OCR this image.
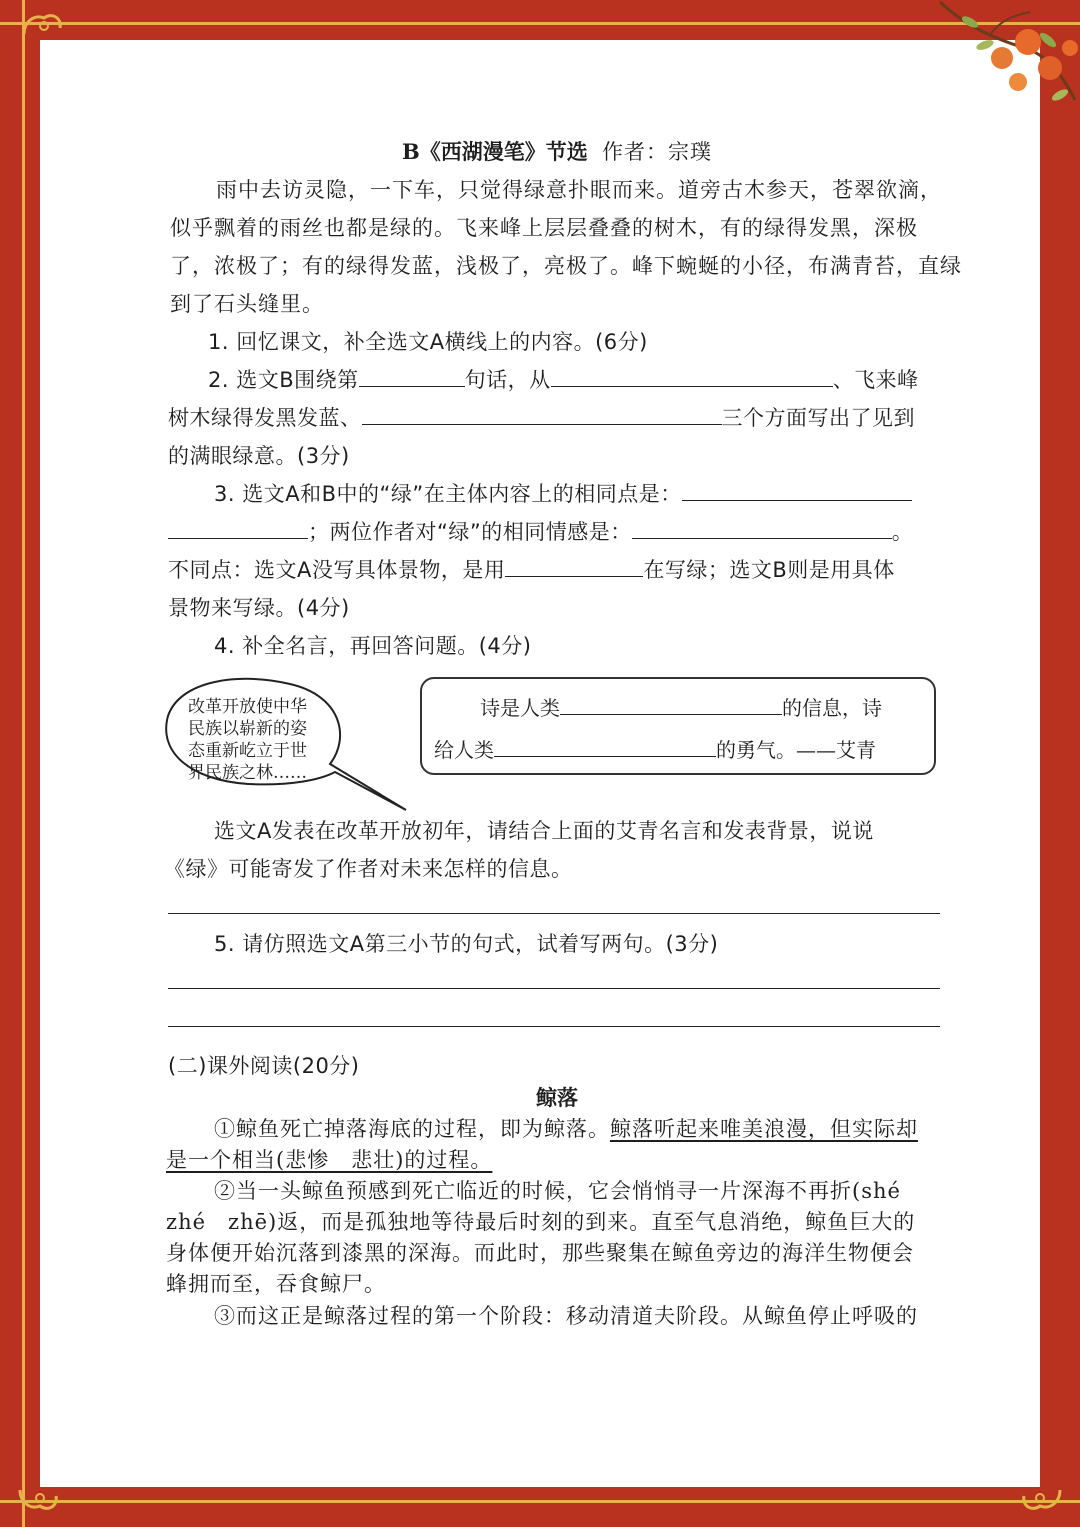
B《西湖漫笔》节选 作者：宗璞
雨中去访灵隐，一下车，只觉得绿意扑眼而来。道旁古木参天，苍翠欲滴，
似乎飘着的雨丝也都是绿的。飞来峰上层层叠叠的树木，有的绿得发黑，深极
了，浓极了；有的绿得发蓝，浅极了，亮极了。峰下蜿蜒的小径，布满青苔，直绿
到了石头缝里。
1. 回忆课文，补全选文A横线上的内容。(6分)
2. 选文B围绕第	句话，从	、飞来峰
树木绿得发黑发蓝、	三个方面写出了见到
的满眼绿意。(3分)
3. 选文A和B中的“绿”在主体内容上的相同点是：
；两位作者对“绿”的相同情感是：	。
不同点：选文A没写具体景物，是用	在写绿；选文B则是用具体
景物来写绿。(4分)
4. 补全名言，再回答问题。(4分)
改革开放使中华
民族以崭新的姿
态重新屹立于世
界民族之林……
诗是人类	的信息，诗
给人类	的勇气。——艾青
选文A发表在改革开放初年，请结合上面的艾青名言和发表背景，说说
《绿》可能寄发了作者对未来怎样的信息。
5. 请仿照选文A第三小节的句式，试着写两句。(3分)
(二)课外阅读(20分)
鲸落
①鲸鱼死亡掉落海底的过程，即为鲸落。鲸落听起来唯美浪漫，但实际却
是一个相当(悲惨　悲壮)的过程。
②当一头鲸鱼预感到死亡临近的时候，它会悄悄寻一片深海不再折(shé
zhé　zhē)返，而是孤独地等待最后时刻的到来。直至气息消绝，鲸鱼巨大的
身体便开始沉落到漆黑的深海。而此时，那些聚集在鲸鱼旁边的海洋生物便会
蜂拥而至，吞食鲸尸。
③而这正是鲸落过程的第一个阶段：移动清道夫阶段。从鲸鱼停止呼吸的
